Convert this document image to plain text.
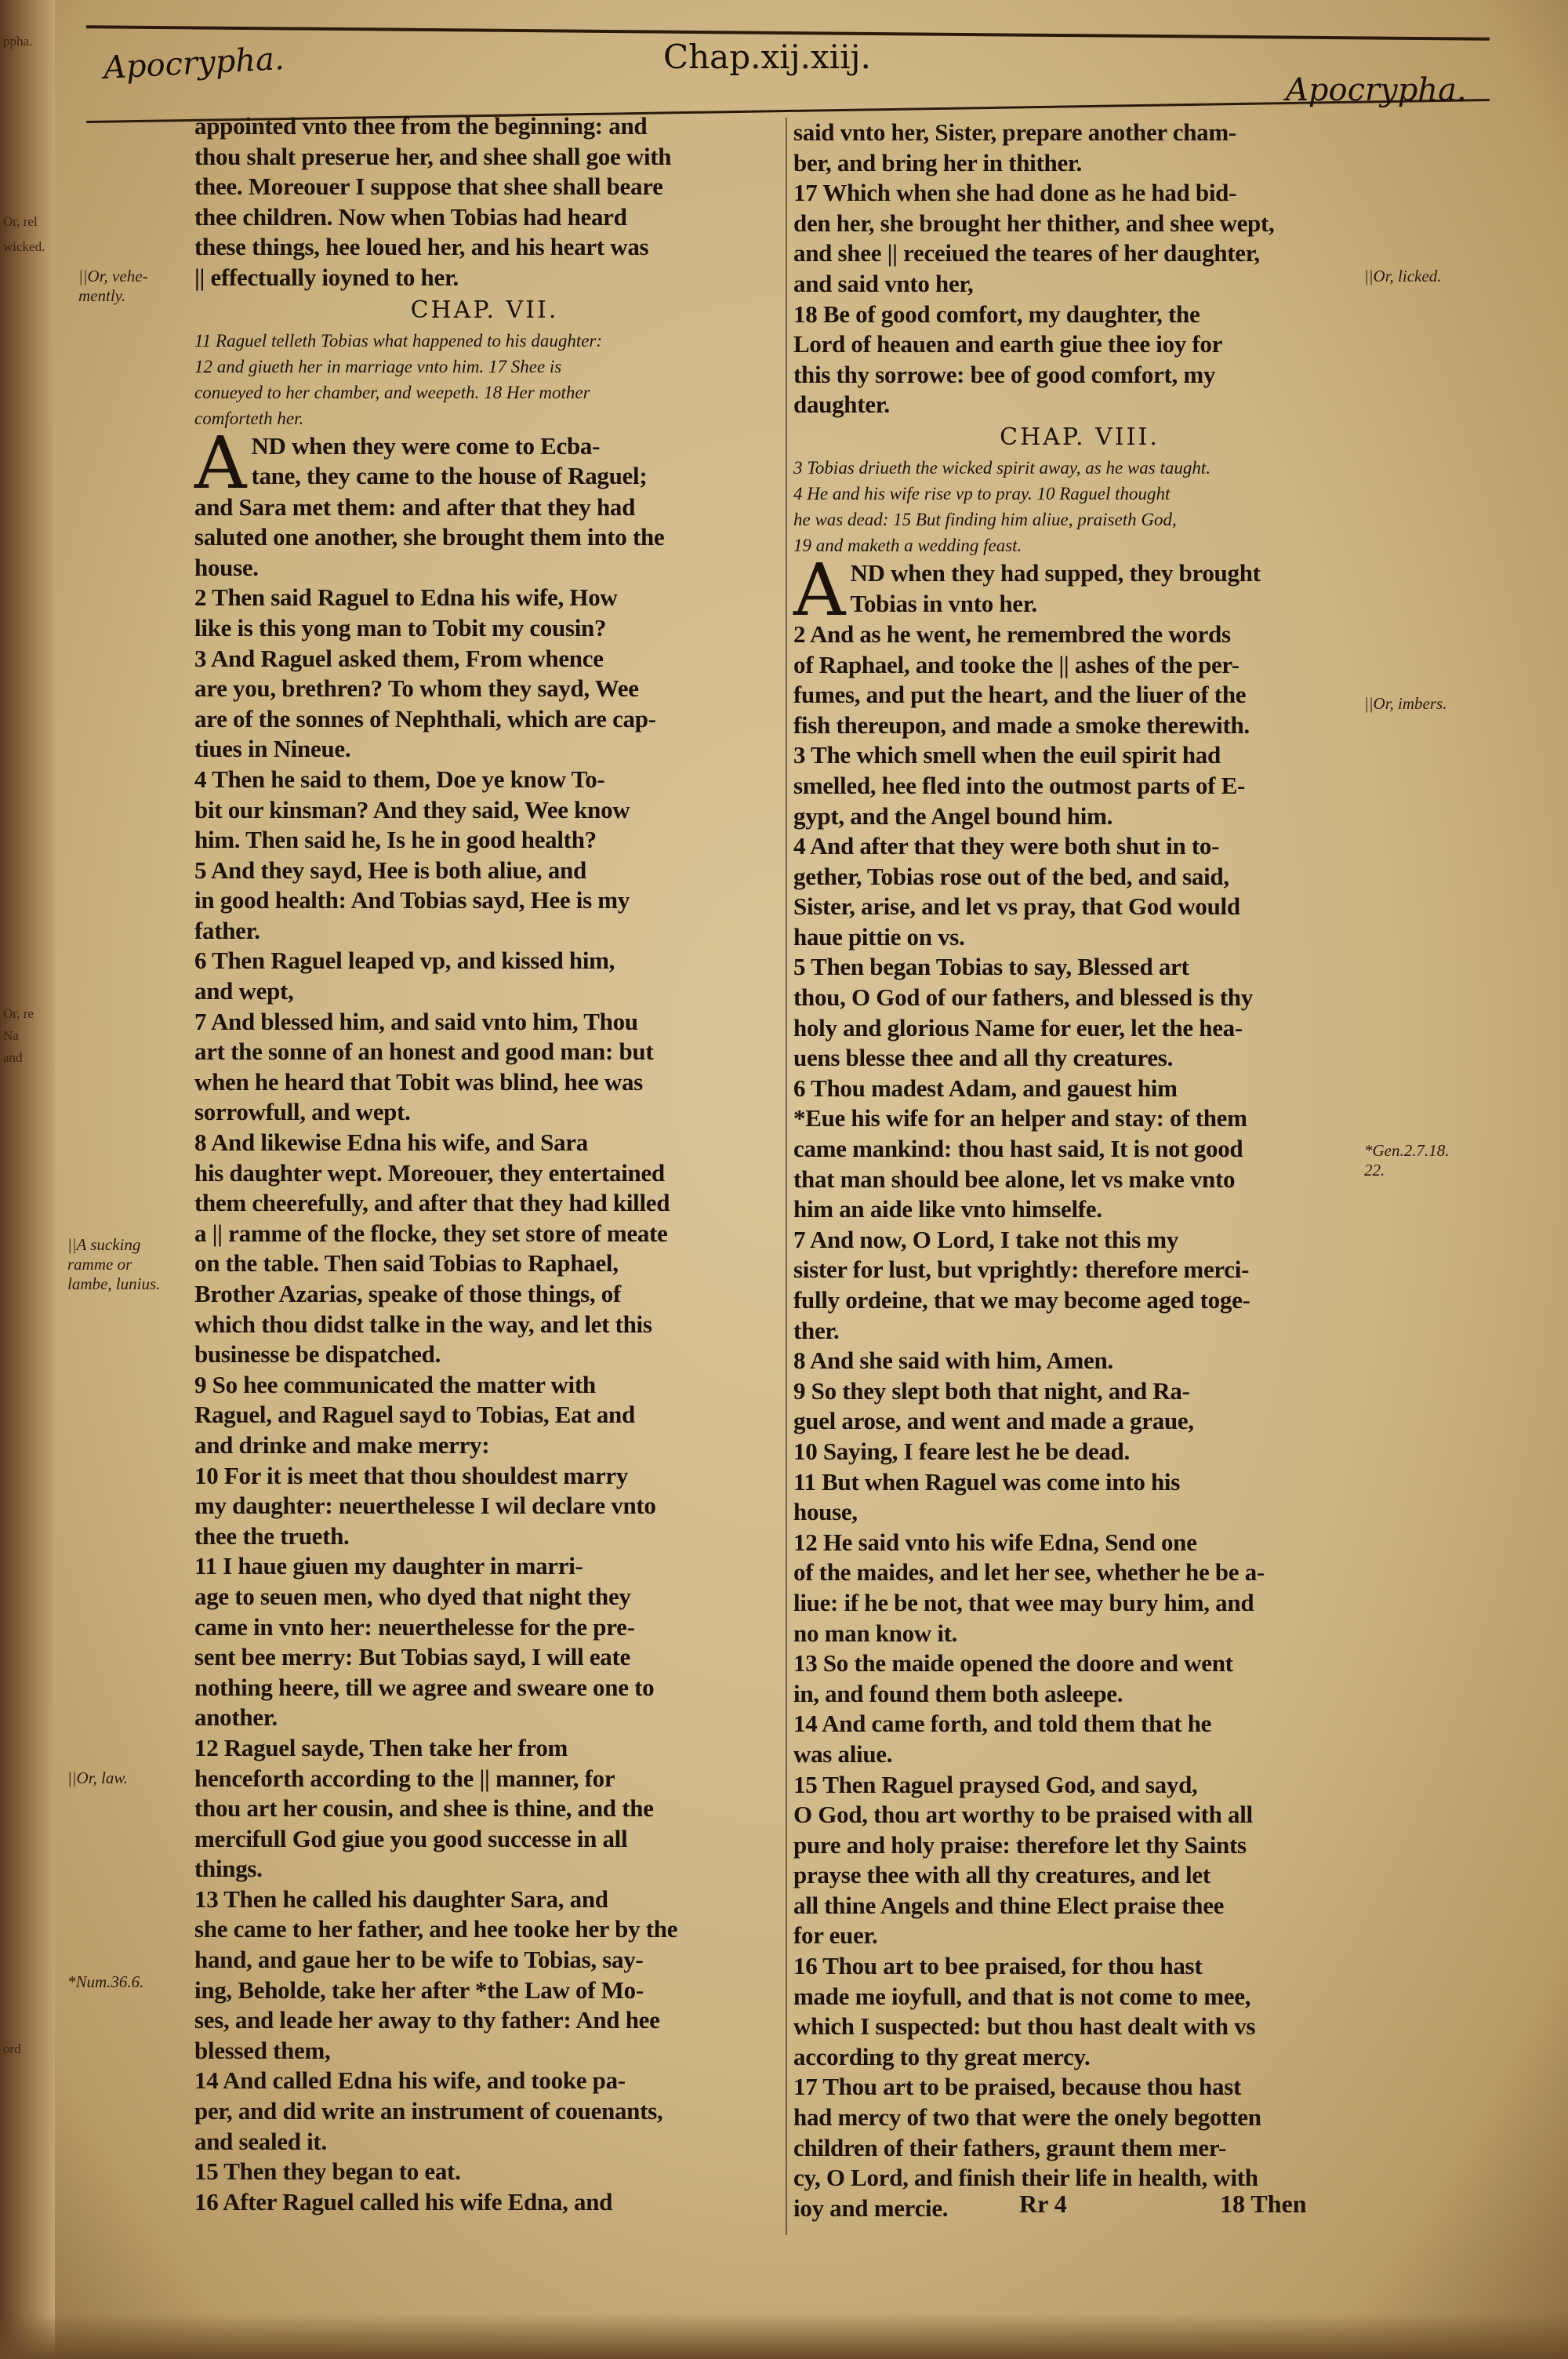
ppha.
Or, rel
wicked.
Or, re
Na
and
ord
Apocrypha.	Chap.xij.xiij.
Apocrypha.
||Or, vehe-
mently.
||A sucking
ramme or
lambe, lunius.
||Or, law.
*Num.36.6.
||Or, licked.
||Or, imbers.
*Gen.2.7.18.
22.
appointed vnto thee from the beginning: and
thou shalt preserue her, and shee shall goe with
thee. Moreouer I suppose that shee shall beare
thee children. Now when Tobias had heard
these things, hee loued her, and his heart was
|| effectually ioyned to her.
CHAP. VII.
11 Raguel telleth Tobias what happened to his daughter:
12 and giueth her in marriage vnto him. 17 Shee is
conueyed to her chamber, and weepeth. 18 Her mother
comforteth her.
A ND when they were come to Ecba-
tane, they came to the house of Raguel;
and Sara met them: and after that they had
saluted one another, she brought them into the
house.
2 Then said Raguel to Edna his wife, How
like is this yong man to Tobit my cousin?
3 And Raguel asked them, From whence
are you, brethren? To whom they sayd, Wee
are of the sonnes of Nephthali, which are cap-
tiues in Nineue.
4 Then he said to them, Doe ye know To-
bit our kinsman? And they said, Wee know
him. Then said he, Is he in good health?
5 And they sayd, Hee is both aliue, and
in good health: And Tobias sayd, Hee is my
father.
6 Then Raguel leaped vp, and kissed him,
and wept,
7 And blessed him, and said vnto him, Thou
art the sonne of an honest and good man: but
when he heard that Tobit was blind, hee was
sorrowfull, and wept.
8 And likewise Edna his wife, and Sara
his daughter wept. Moreouer, they entertained
them cheerefully, and after that they had killed
a || ramme of the flocke, they set store of meate
on the table. Then said Tobias to Raphael,
Brother Azarias, speake of those things, of
which thou didst talke in the way, and let this
businesse be dispatched.
9 So hee communicated the matter with
Raguel, and Raguel sayd to Tobias, Eat and
and drinke and make merry:
10 For it is meet that thou shouldest marry
my daughter: neuerthelesse I wil declare vnto
thee the trueth.
11 I haue giuen my daughter in marri-
age to seuen men, who dyed that night they
came in vnto her: neuerthelesse for the pre-
sent bee merry: But Tobias sayd, I will eate
nothing heere, till we agree and sweare one to
another.
12 Raguel sayde, Then take her from
henceforth according to the || manner, for
thou art her cousin, and shee is thine, and the
mercifull God giue you good successe in all
things.
13 Then he called his daughter Sara, and
she came to her father, and hee tooke her by the
hand, and gaue her to be wife to Tobias, say-
ing, Beholde, take her after *the Law of Mo-
ses, and leade her away to thy father: And hee
blessed them,
14 And called Edna his wife, and tooke pa-
per, and did write an instrument of couenants,
and sealed it.
15 Then they began to eat.
16 After Raguel called his wife Edna, and
said vnto her, Sister, prepare another cham-
ber, and bring her in thither.
17 Which when she had done as he had bid-
den her, she brought her thither, and shee wept,
and shee || receiued the teares of her daughter,
and said vnto her,
18 Be of good comfort, my daughter, the
Lord of heauen and earth giue thee ioy for
this thy sorrowe: bee of good comfort, my
daughter.
CHAP. VIII.
3 Tobias driueth the wicked spirit away, as he was taught.
4 He and his wife rise vp to pray. 10 Raguel thought
he was dead: 15 But finding him aliue, praiseth God,
19 and maketh a wedding feast.
A ND when they had supped, they brought
Tobias in vnto her.
2 And as he went, he remembred the words
of Raphael, and tooke the || ashes of the per-
fumes, and put the heart, and the liuer of the
fish thereupon, and made a smoke therewith.
3 The which smell when the euil spirit had
smelled, hee fled into the outmost parts of E-
gypt, and the Angel bound him.
4 And after that they were both shut in to-
gether, Tobias rose out of the bed, and said,
Sister, arise, and let vs pray, that God would
haue pittie on vs.
5 Then began Tobias to say, Blessed art
thou, O God of our fathers, and blessed is thy
holy and glorious Name for euer, let the hea-
uens blesse thee and all thy creatures.
6 Thou madest Adam, and gauest him
*Eue his wife for an helper and stay: of them
came mankind: thou hast said, It is not good
that man should bee alone, let vs make vnto
him an aide like vnto himselfe.
7 And now, O Lord, I take not this my
sister for lust, but vprightly: therefore merci-
fully ordeine, that we may become aged toge-
ther.
8 And she said with him, Amen.
9 So they slept both that night, and Ra-
guel arose, and went and made a graue,
10 Saying, I feare lest he be dead.
11 But when Raguel was come into his
house,
12 He said vnto his wife Edna, Send one
of the maides, and let her see, whether he be a-
liue: if he be not, that wee may bury him, and
no man know it.
13 So the maide opened the doore and went
in, and found them both asleepe.
14 And came forth, and told them that he
was aliue.
15 Then Raguel praysed God, and sayd,
O God, thou art worthy to be praised with all
pure and holy praise: therefore let thy Saints
prayse thee with all thy creatures, and let
all thine Angels and thine Elect praise thee
for euer.
16 Thou art to bee praised, for thou hast
made me ioyfull, and that is not come to mee,
which I suspected: but thou hast dealt with vs
according to thy great mercy.
17 Thou art to be praised, because thou hast
had mercy of two that were the onely begotten
children of their fathers, graunt them mer-
cy, O Lord, and finish their life in health, with
ioy and mercie.	Rr 4	18 Then
